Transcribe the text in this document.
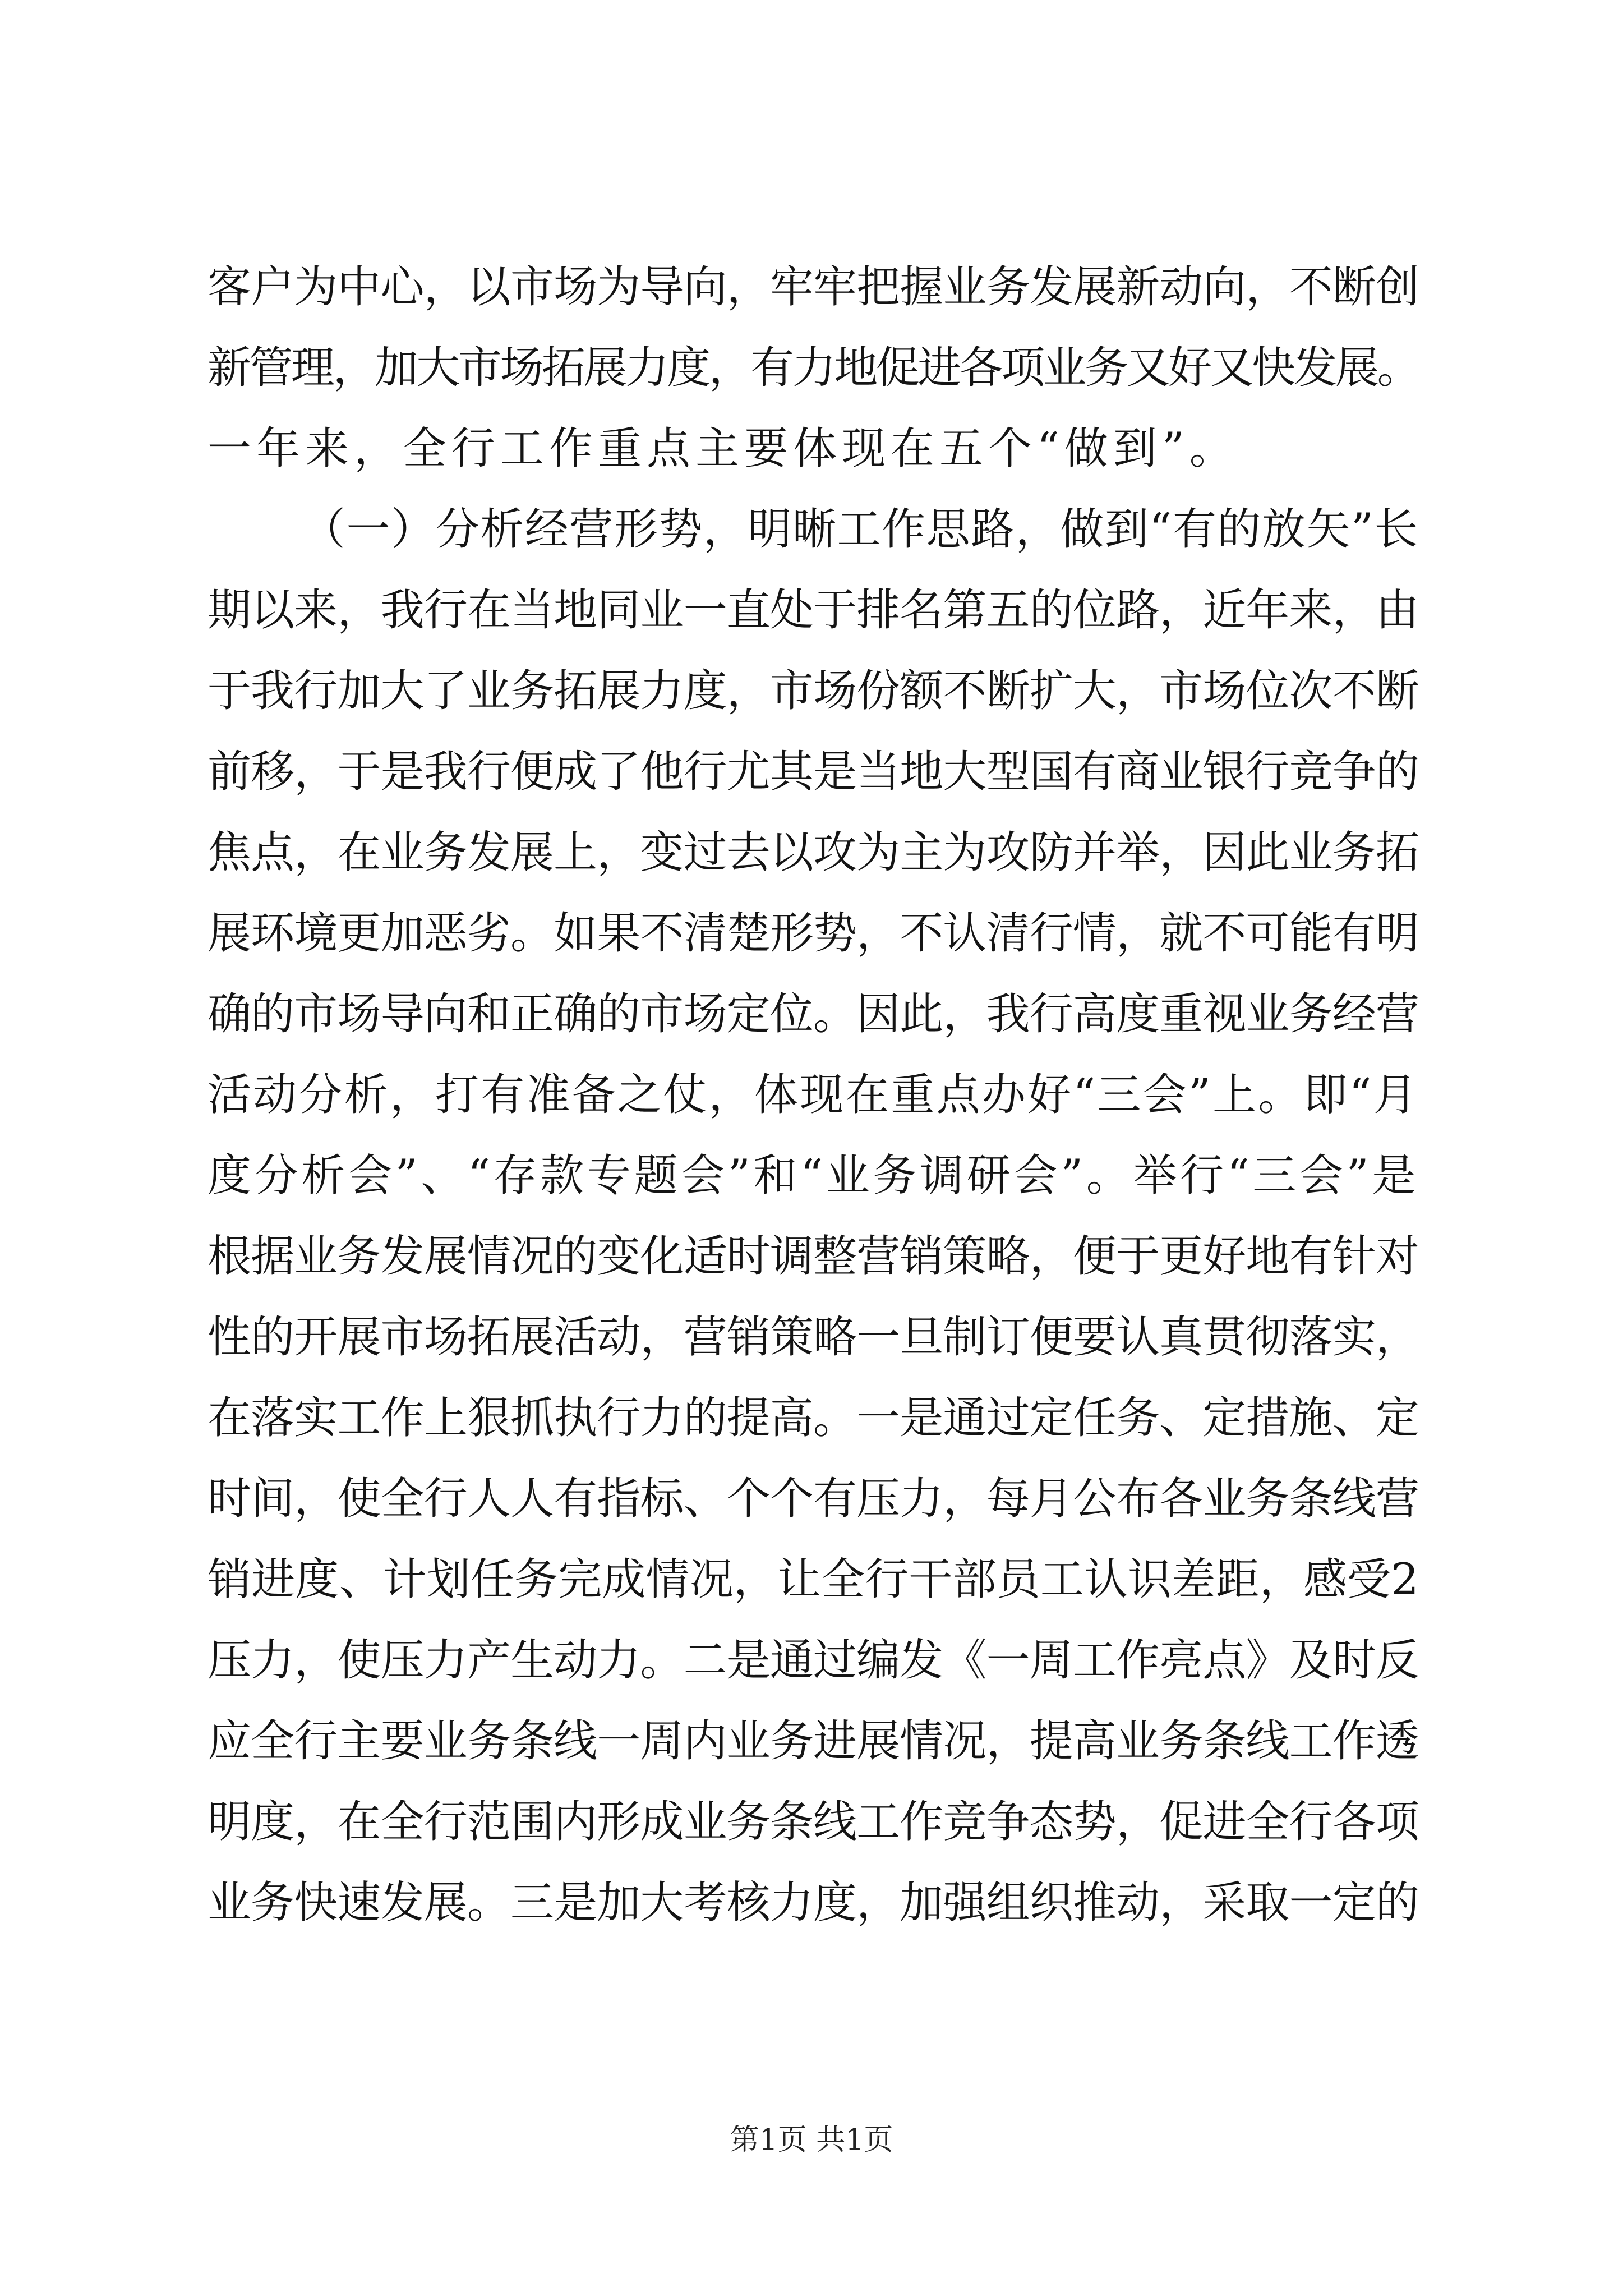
客户为中心，以市场为导向，牢牢把握业务发展新动向，不断创
新管理，加大市场拓展力度，有力地促进各项业务又好又快发展。
一年来，全行工作重点主要体现在五个“做到”。
（一）分析经营形势，明晰工作思路，做到“有的放矢”长
期以来，我行在当地同业一直处于排名第五的位路，近年来，由
于我行加大了业务拓展力度，市场份额不断扩大，市场位次不断
前移，于是我行便成了他行尤其是当地大型国有商业银行竞争的
焦点，在业务发展上，变过去以攻为主为攻防并举，因此业务拓
展环境更加恶劣。如果不清楚形势，不认清行情，就不可能有明
确的市场导向和正确的市场定位。因此，我行高度重视业务经营
活动分析，打有准备之仗，体现在重点办好“三会”上。即“月
度分析会”、“存款专题会”和“业务调研会”。举行“三会”是
根据业务发展情况的变化适时调整营销策略，便于更好地有针对
性的开展市场拓展活动，营销策略一旦制订便要认真贯彻落实，
在落实工作上狠抓执行力的提高。一是通过定任务、定措施、定
时间，使全行人人有指标、个个有压力，每月公布各业务条线营
销进度、计划任务完成情况，让全行干部员工认识差距，感受2
压力，使压力产生动力。二是通过编发《一周工作亮点》及时反
应全行主要业务条线一周内业务进展情况，提高业务条线工作透
明度，在全行范围内形成业务条线工作竞争态势，促进全行各项
业务快速发展。三是加大考核力度，加强组织推动，采取一定的
第1页 共1页
